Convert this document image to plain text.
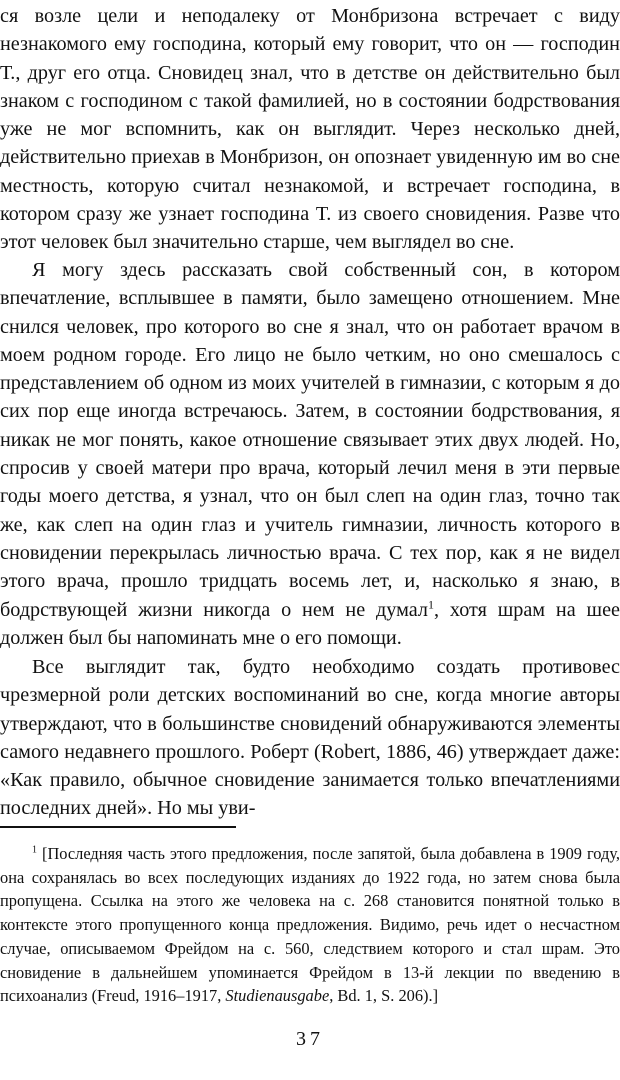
ся возле цели и неподалеку от Монбризона встречает с виду незнакомого ему господина, который ему говорит, что он — господин Т., друг его отца. Сновидец знал, что в детстве он действительно был знаком с господином с такой фамилией, но в состоянии бодрствования уже не мог вспомнить, как он выглядит. Через несколько дней, действительно приехав в Монбризон, он опознает увиденную им во сне местность, которую считал незнакомой, и встречает господина, в котором сразу же узнает господина Т. из своего сновидения. Разве что этот человек был значительно старше, чем выглядел во сне.

Я могу здесь рассказать свой собственный сон, в котором впечатление, всплывшее в памяти, было замещено отношением. Мне снился человек, про которого во сне я знал, что он работает врачом в моем родном городе. Его лицо не было четким, но оно смешалось с представлением об одном из моих учителей в гимназии, с которым я до сих пор еще иногда встречаюсь. Затем, в состоянии бодрствования, я никак не мог понять, какое отношение связывает этих двух людей. Но, спросив у своей матери про врача, который лечил меня в эти первые годы моего детства, я узнал, что он был слеп на один глаз, точно так же, как слеп на один глаз и учитель гимназии, личность которого в сновидении перекрылась личностью врача. С тех пор, как я не видел этого врача, прошло тридцать восемь лет, и, насколько я знаю, в бодрствующей жизни никогда о нем не думал$^1$, хотя шрам на шее должен был бы напоминать мне о его помощи.

Все выглядит так, будто необходимо создать противовес чрезмерной роли детских воспоминаний во сне, когда многие авторы утверждают, что в большинстве сновидений обнаруживаются элементы самого недавнего прошлого. Роберт (Robert, 1886, 46) утверждает даже: «Как правило, обычное сновидение занимается только впечатлениями последних дней». Но мы уви-

$^1$ [Последняя часть этого предложения, после запятой, была добавлена в 1909 году, она сохранялась во всех последующих изданиях до 1922 года, но затем снова была пропущена. Ссылка на этого же человека на с. 268 становится понятной только в контексте этого пропущенного конца предложения. Видимо, речь идет о несчастном случае, описываемом Фрейдом на с. 560, следствием которого и стал шрам. Это сновидение в дальнейшем упоминается Фрейдом в 13-й лекции по введению в психоанализ (Freud, 1916–1917, Studienausgabe, Bd. 1, S. 206).]

37
